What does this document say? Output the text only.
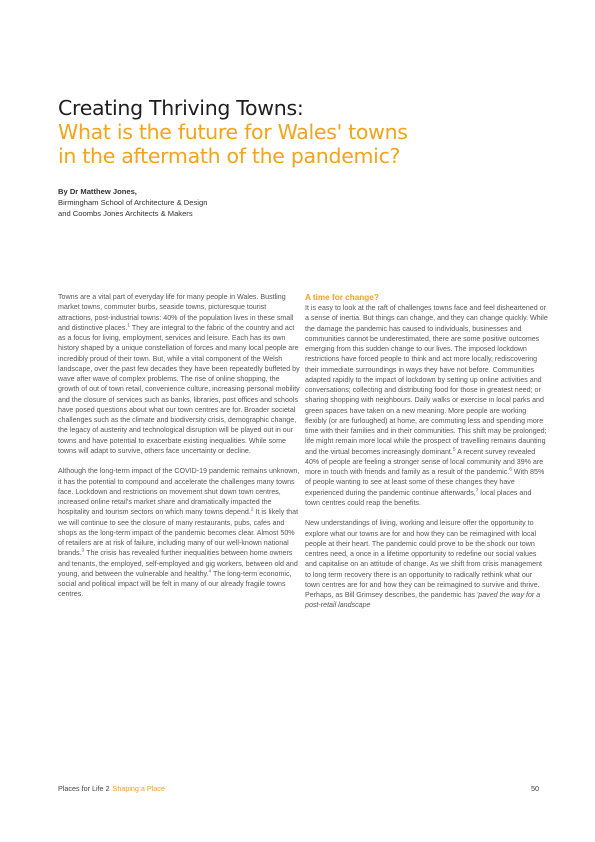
Creating Thriving Towns:
What is the future for Wales' towns
in the aftermath of the pandemic?
By Dr Matthew Jones,
Birmingham School of Architecture & Design
and Coombs Jones Architects & Makers

Towns are a vital part of everyday life for many people in Wales. Bustling market towns, commuter burbs, seaside towns, picturesque tourist attractions, post-industrial towns: 40% of the population lives in these small and distinctive places.$^1$ They are integral to the fabric of the country and act as a focus for living, employment, services and leisure. Each has its own history shaped by a unique constellation of forces and many local people are incredibly proud of their town. But, while a vital component of the Welsh landscape, over the past few decades they have been repeatedly buffeted by wave after wave of complex problems. The rise of online shopping, the growth of out of town retail, convenience culture, increasing personal mobility and the closure of services such as banks, libraries, post offices and schools have posed questions about what our town centres are for. Broader societal challenges such as the climate and biodiversity crisis, demographic change, the legacy of austerity and technological disruption will be played out in our towns and have potential to exacerbate existing inequalities. While some towns will adapt to survive, others face uncertainty or decline.

Although the long-term impact of the COVID-19 pandemic remains unknown, it has the potential to compound and accelerate the challenges many towns face. Lockdown and restrictions on movement shut down town centres, increased online retail's market share and dramatically impacted the hospitality and tourism sectors on which many towns depend.$^2$ It is likely that we will continue to see the closure of many restaurants, pubs, cafes and shops as the long-term impact of the pandemic becomes clear. Almost 50% of retailers are at risk of failure, including many of our well-known national brands.$^3$ The crisis has revealed further inequalities between home owners and tenants, the employed, self-employed and gig workers, between old and young, and between the vulnerable and healthy.$^4$ The long-term economic, social and political impact will be felt in many of our already fragile towns centres.

A time for change?

It is easy to look at the raft of challenges towns face and feel disheartened or a sense of inertia. But things can change, and they can change quickly. While the damage the pandemic has caused to individuals, businesses and communities cannot be underestimated, there are some positive outcomes emerging from this sudden change to our lives. The imposed lockdown restrictions have forced people to think and act more locally, rediscovering their immediate surroundings in ways they have not before. Communities adapted rapidly to the impact of lockdown by setting up online activities and conversations; collecting and distributing food for those in greatest need; or sharing shopping with neighbours. Daily walks or exercise in local parks and green spaces have taken on a new meaning. More people are working flexibly (or are furloughed) at home, are commuting less and spending more time with their families and in their communities. This shift may be prolonged; life might remain more local while the prospect of travelling remains daunting and the virtual becomes increasingly dominant.$^5$ A recent survey revealed 40% of people are feeling a stronger sense of local community and 39% are more in touch with friends and family as a result of the pandemic.$^6$ With 85% of people wanting to see at least some of these changes they have experienced during the pandemic continue afterwards,$^7$ local places and town centres could reap the benefits.

New understandings of living, working and leisure offer the opportunity to explore what our towns are for and how they can be reimagined with local people at their heart. The pandemic could prove to be the shock our town centres need, a once in a lifetime opportunity to redefine our social values and capitalise on an attitude of change. As we shift from crisis management to long term recovery there is an opportunity to radically rethink what our town centres are for and how they can be reimagined to survive and thrive. Perhaps, as Bill Grimsey describes, the pandemic has 'paved the way for a post-retail landscape

Places for Life 2 Shaping a Place	50
